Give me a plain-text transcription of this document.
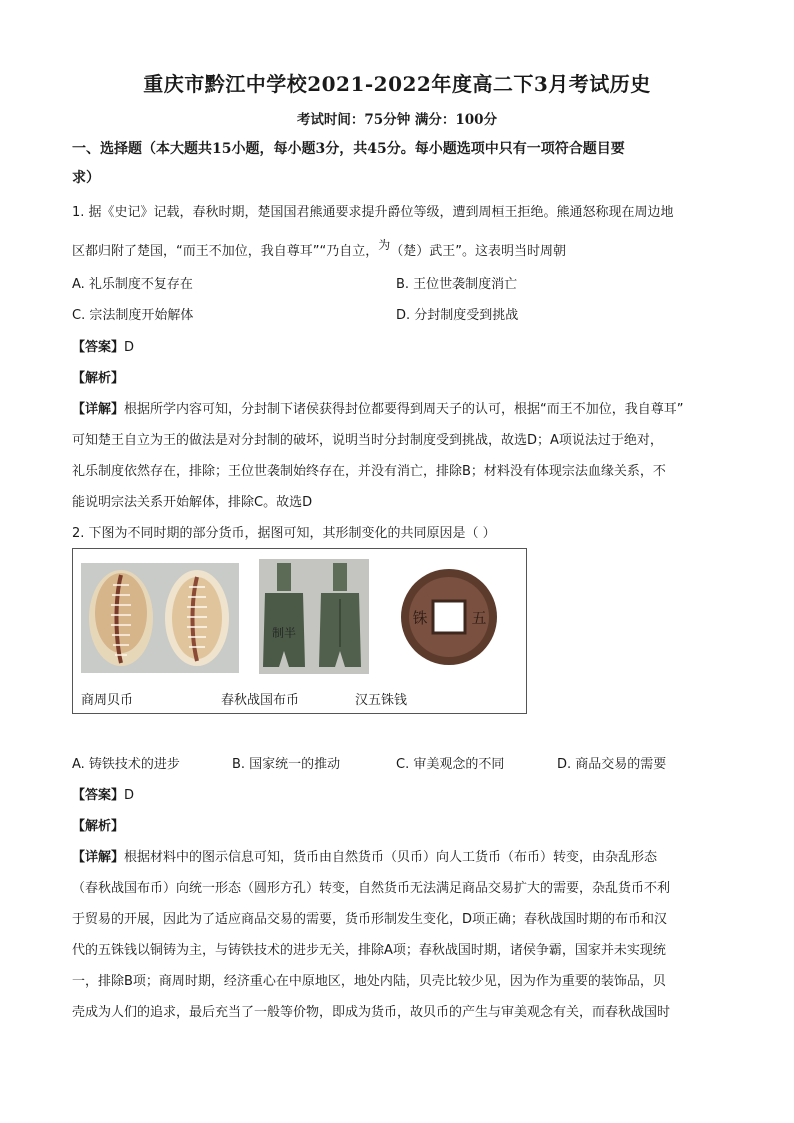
重庆市黔江中学校2021-2022年度高二下3月考试历史
考试时间：75分钟 满分：100分
一、选择题（本大题共15小题，每小题3分，共45分。每小题选项中只有一项符合题目要
求）
1. 据《史记》记载，春秋时期，楚国国君熊通要求提升爵位等级，遭到周桓王拒绝。熊通怒称现在周边地
区都归附了楚国，“而王不加位，我自尊耳”“乃自立，为（楚）武王”。这表明当时周朝
A. 礼乐制度不复存在	B. 王位世袭制度消亡
C. 宗法制度开始解体	D. 分封制度受到挑战
【答案】D
【解析】
【详解】根据所学内容可知，分封制下诸侯获得封位都要得到周天子的认可，根据“而王不加位，我自尊耳”
可知楚王自立为王的做法是对分封制的破坏，说明当时分封制度受到挑战，故选D；A项说法过于绝对，
礼乐制度依然存在，排除；王位世袭制始终存在，并没有消亡，排除B；材料没有体现宗法血缘关系，不
能说明宗法关系开始解体，排除C。故选D
2. 下图为不同时期的部分货币，据图可知，其形制变化的共同原因是（ ）
制半
铢	五
商周贝币	春秋战国布币	汉五铢钱
A. 铸铁技术的进步	B. 国家统一的推动	C. 审美观念的不同	D. 商品交易的需要
【答案】D
【解析】
【详解】根据材料中的图示信息可知，货币由自然货币（贝币）向人工货币（布币）转变，由杂乱形态
（春秋战国布币）向统一形态（圆形方孔）转变，自然货币无法满足商品交易扩大的需要，杂乱货币不利
于贸易的开展，因此为了适应商品交易的需要，货币形制发生变化，D项正确；春秋战国时期的布币和汉
代的五铢钱以铜铸为主，与铸铁技术的进步无关，排除A项；春秋战国时期，诸侯争霸，国家并未实现统
一，排除B项；商周时期，经济重心在中原地区，地处内陆，贝壳比较少见，因为作为重要的装饰品，贝
壳成为人们的追求，最后充当了一般等价物，即成为货币，故贝币的产生与审美观念有关，而春秋战国时
